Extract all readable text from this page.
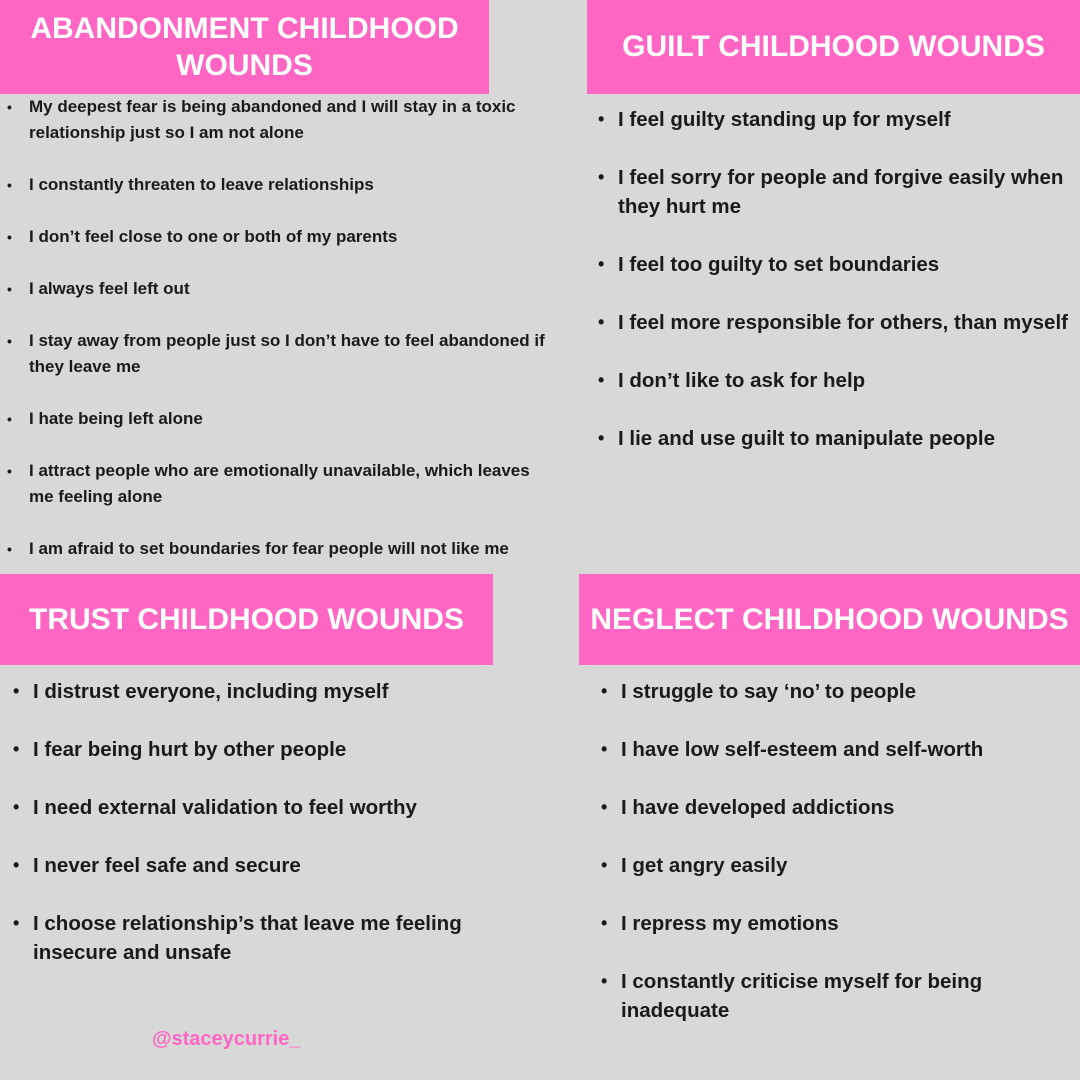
ABANDONMENT CHILDHOOD WOUNDS
• My deepest fear is being abandoned and I will stay in a toxic relationship just so I am not alone
• I constantly threaten to leave relationships
• I don’t feel close to one or both of my parents
• I always feel left out
• I stay away from people just so I don’t have to feel abandoned if they leave me
• I hate being left alone
• I attract people who are emotionally unavailable, which leaves me feeling alone
• I am afraid to set boundaries for fear people will not like me
GUILT CHILDHOOD WOUNDS
• I feel guilty standing up for myself
• I feel sorry for people and forgive easily when they hurt me
• I feel too guilty to set boundaries
• I feel more responsible for others, than myself
• I don’t like to ask for help
• I lie and use guilt to manipulate people
TRUST CHILDHOOD WOUNDS
• I distrust everyone, including myself
• I fear being hurt by other people
• I need external validation to feel worthy
• I never feel safe and secure
• I choose relationship’s that leave me feeling insecure and unsafe
NEGLECT CHILDHOOD WOUNDS
• I struggle to say ‘no’ to people
• I have low self-esteem and self-worth
• I have developed addictions
• I get angry easily
• I repress my emotions
• I constantly criticise myself for being inadequate
@staceycurrie_
